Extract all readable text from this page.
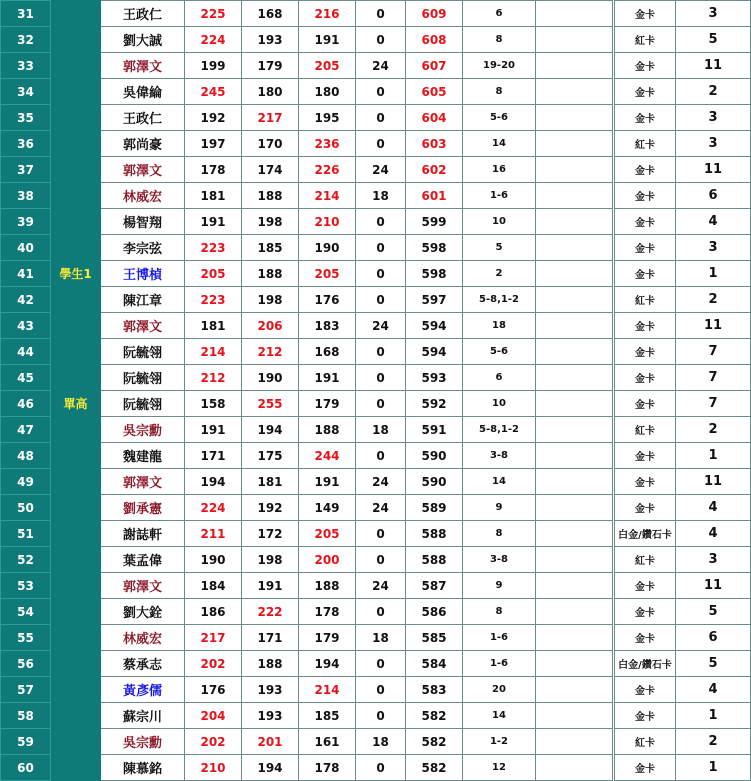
31		王政仁	225	168	216	0	609	6		金卡	3
32		劉大誠	224	193	191	0	608	8		紅卡	5
33		郭澤文	199	179	205	24	607	19-20		金卡	11
34		吳偉綸	245	180	180	0	605	8		金卡	2
35		王政仁	192	217	195	0	604	5-6		金卡	3
36		郭尚豪	197	170	236	0	603	14		紅卡	3
37		郭澤文	178	174	226	24	602	16		金卡	11
38		林威宏	181	188	214	18	601	1-6		金卡	6
39		楊智翔	191	198	210	0	599	10		金卡	4
40		李宗弦	223	185	190	0	598	5		金卡	3
41	學生1	王博楨	205	188	205	0	598	2		金卡	1
42		陳江章	223	198	176	0	597	5-8,1-2		紅卡	2
43		郭澤文	181	206	183	24	594	18		金卡	11
44		阮毓翎	214	212	168	0	594	5-6		金卡	7
45		阮毓翎	212	190	191	0	593	6		金卡	7
46	單高	阮毓翎	158	255	179	0	592	10		金卡	7
47		吳宗勳	191	194	188	18	591	5-8,1-2		紅卡	2
48		魏建龍	171	175	244	0	590	3-8		金卡	1
49		郭澤文	194	181	191	24	590	14		金卡	11
50		劉承憲	224	192	149	24	589	9		金卡	4
51		謝誌軒	211	172	205	0	588	8		白金/鑽石卡	4
52		葉孟偉	190	198	200	0	588	3-8		紅卡	3
53		郭澤文	184	191	188	24	587	9		金卡	11
54		劉大銓	186	222	178	0	586	8		金卡	5
55		林威宏	217	171	179	18	585	1-6		金卡	6
56		蔡承志	202	188	194	0	584	1-6		白金/鑽石卡	5
57		黃彥儒	176	193	214	0	583	20		金卡	4
58		蘇宗川	204	193	185	0	582	14		金卡	1
59		吳宗勳	202	201	161	18	582	1-2		紅卡	2
60		陳慕銘	210	194	178	0	582	12		金卡	1
